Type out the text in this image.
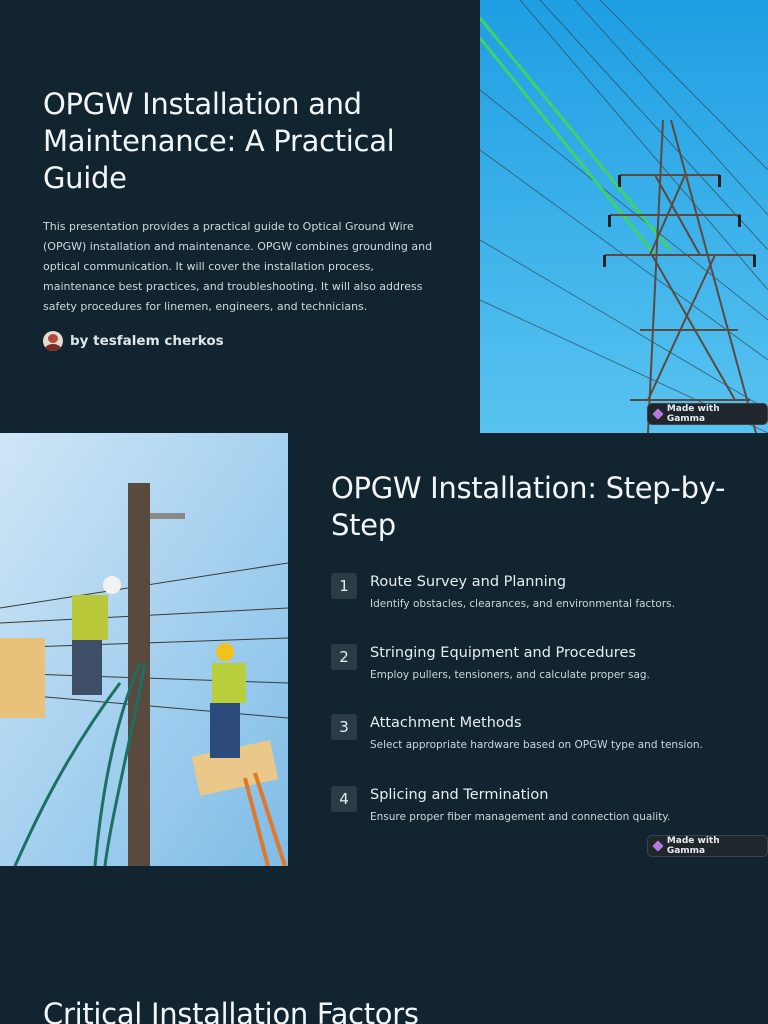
OPGW Installation and Maintenance: A Practical Guide
This presentation provides a practical guide to Optical Ground Wire (OPGW) installation and maintenance. OPGW combines grounding and optical communication. It will cover the installation process, maintenance best practices, and troubleshooting. It will also address safety procedures for linemen, engineers, and technicians.
by tesfalem cherkos
Made with Gamma
OPGW Installation: Step-by-Step
1	Route Survey and Planning
Identify obstacles, clearances, and environmental factors.
2	Stringing Equipment and Procedures
Employ pullers, tensioners, and calculate proper sag.
3	Attachment Methods
Select appropriate hardware based on OPGW type and tension.
4	Splicing and Termination
Ensure proper fiber management and connection quality.
Made with Gamma
Critical Installation Factors
